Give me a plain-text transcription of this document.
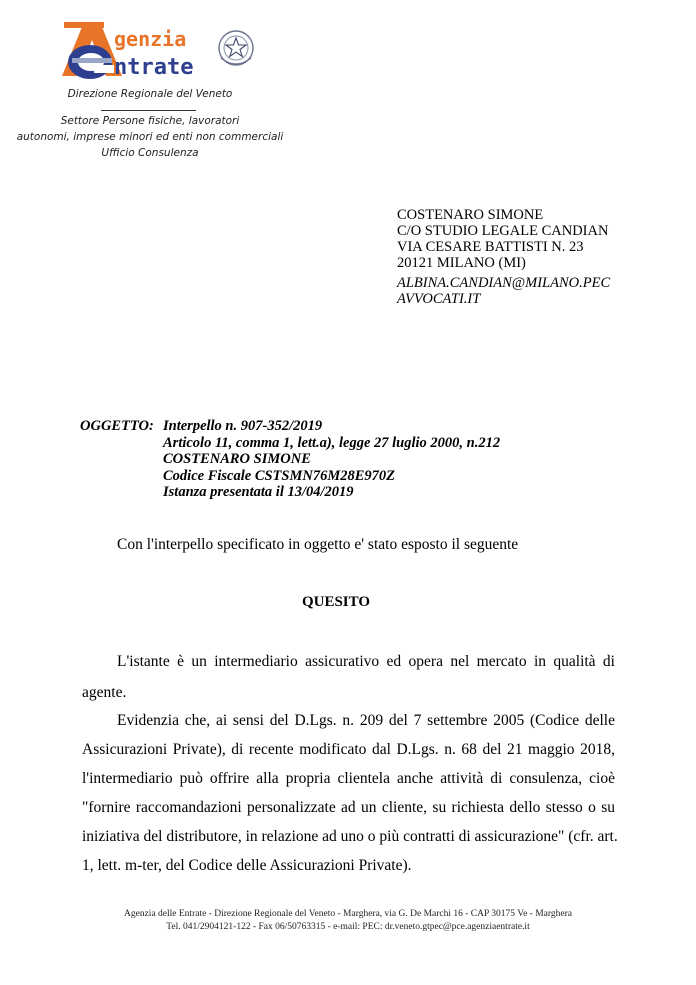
genzia
ntrate
Direzione Regionale del Veneto
Settore Persone fisiche, lavoratori
autonomi, imprese minori ed enti non commerciali
Ufficio Consulenza
COSTENARO SIMONE
C/O STUDIO LEGALE CANDIAN
VIA CESARE BATTISTI N. 23
20121 MILANO (MI)
ALBINA.CANDIAN@MILANO.PEC
AVVOCATI.IT
OGGETTO: Interpello n. 907-352/2019
Articolo 11, comma 1, lett.a), legge 27 luglio 2000, n.212
COSTENARO SIMONE
Codice Fiscale CSTSMN76M28E970Z
Istanza presentata il 13/04/2019
Con l'interpello specificato in oggetto e' stato esposto il seguente
QUESITO
L'istante è un intermediario assicurativo ed opera nel mercato in qualità di
agente.
Evidenzia che, ai sensi del D.Lgs. n. 209 del 7 settembre 2005 (Codice delle
Assicurazioni Private), di recente modificato dal D.Lgs. n. 68 del 21 maggio 2018,
l'intermediario può offrire alla propria clientela anche attività di consulenza, cioè
"fornire raccomandazioni personalizzate ad un cliente, su richiesta dello stesso o su
iniziativa del distributore, in relazione ad uno o più contratti di assicurazione" (cfr. art.
1, lett. m-ter, del Codice delle Assicurazioni Private).
Agenzia delle Entrate - Direzione Regionale del Veneto - Marghera, via G. De Marchi 16 - CAP 30175 Ve - Marghera
Tel. 041/2904121-122 - Fax 06/50763315 - e-mail: PEC: dr.veneto.gtpec@pce.agenziaentrate.it
